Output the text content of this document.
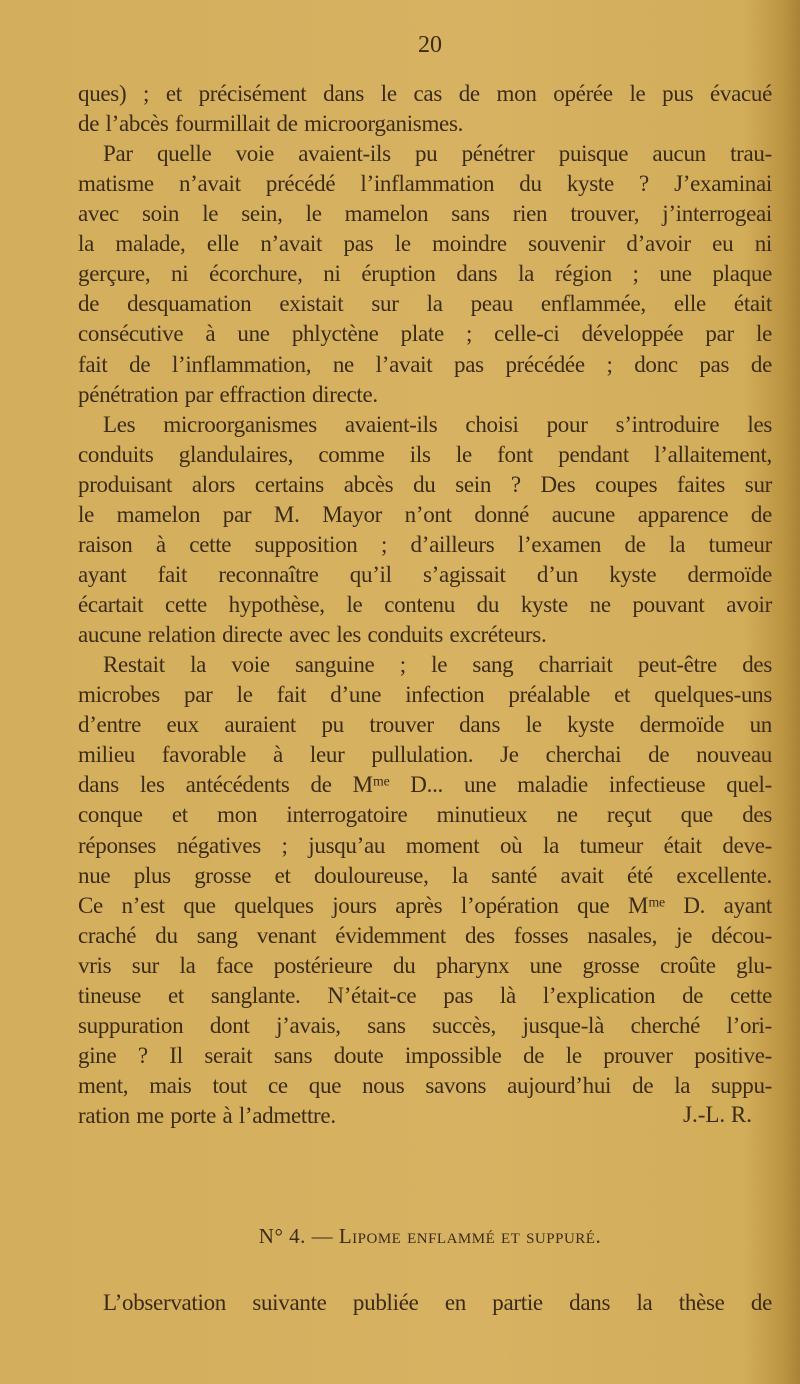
20
ques) ; et précisément dans le cas de mon opérée le pus évacué
de l’abcès fourmillait de microorganismes.
Par quelle voie avaient-ils pu pénétrer puisque aucun trau-
matisme n’avait précédé l’inflammation du kyste ? J’examinai
avec soin le sein, le mamelon sans rien trouver, j’interrogeai
la malade, elle n’avait pas le moindre souvenir d’avoir eu ni
gerçure, ni écorchure, ni éruption dans la région ; une plaque
de desquamation existait sur la peau enflammée, elle était
consécutive à une phlyctène plate ; celle-ci développée par le
fait de l’inflammation, ne l’avait pas précédée ; donc pas de
pénétration par effraction directe.
Les microorganismes avaient-ils choisi pour s’introduire les
conduits glandulaires, comme ils le font pendant l’allaitement,
produisant alors certains abcès du sein ? Des coupes faites sur
le mamelon par M. Mayor n’ont donné aucune apparence de
raison à cette supposition ; d’ailleurs l’examen de la tumeur
ayant fait reconnaître qu’il s’agissait d’un kyste dermoïde
écartait cette hypothèse, le contenu du kyste ne pouvant avoir
aucune relation directe avec les conduits excréteurs.
Restait la voie sanguine ; le sang charriait peut-être des
microbes par le fait d’une infection préalable et quelques-uns
d’entre eux auraient pu trouver dans le kyste dermoïde un
milieu favorable à leur pullulation. Je cherchai de nouveau
dans les antécédents de Mᵐᵉ D... une maladie infectieuse quel-
conque et mon interrogatoire minutieux ne reçut que des
réponses négatives ; jusqu’au moment où la tumeur était deve-
nue plus grosse et douloureuse, la santé avait été excellente.
Ce n’est que quelques jours après l’opération que Mᵐᵉ D. ayant
craché du sang venant évidemment des fosses nasales, je décou-
vris sur la face postérieure du pharynx une grosse croûte glu-
tineuse et sanglante. N’était-ce pas là l’explication de cette
suppuration dont j’avais, sans succès, jusque-là cherché l’ori-
gine ? Il serait sans doute impossible de le prouver positive-
ment, mais tout ce que nous savons aujourd’hui de la suppu-
ration me porte à l’admettre.	J.-L. R.
N° 4. — Lipome enflammé et suppuré.
L’observation suivante publiée en partie dans la thèse de
